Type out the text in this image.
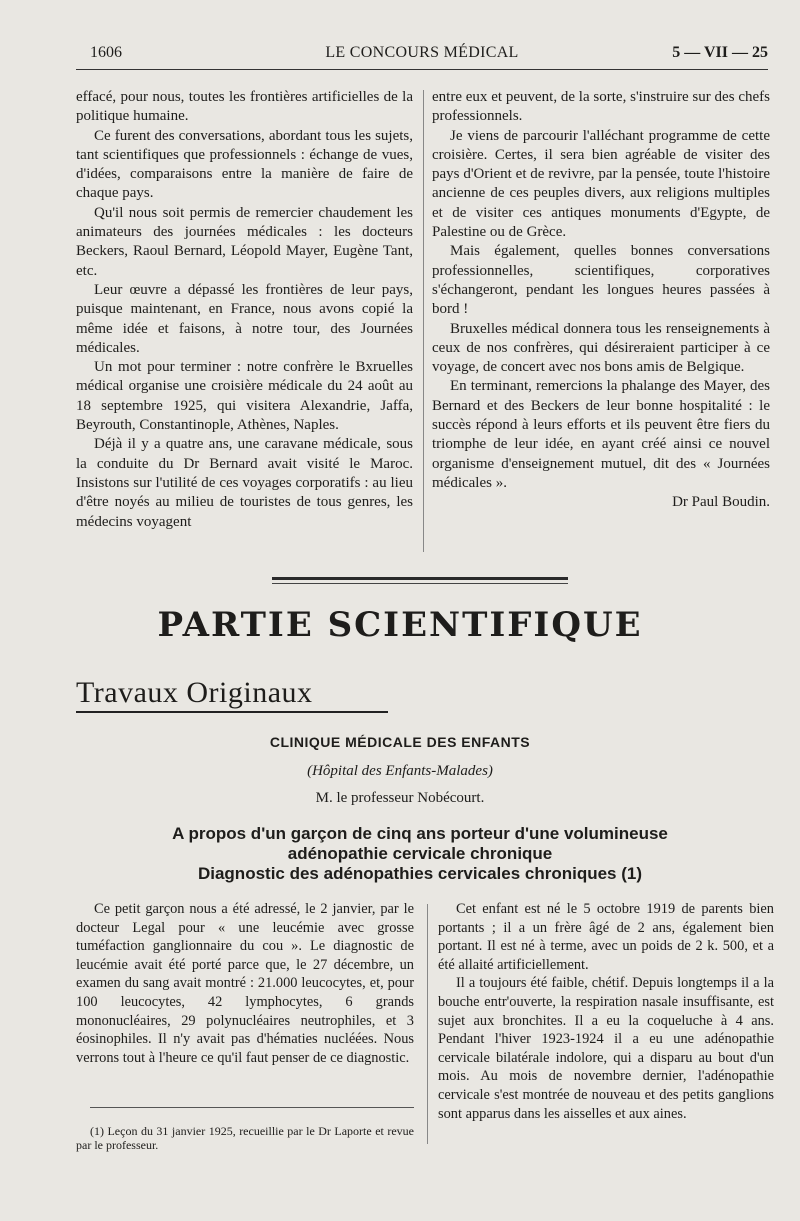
1606	LE CONCOURS MÉDICAL	5 — VII — 25

effacé, pour nous, toutes les frontières artificielles de la politique humaine.

Ce furent des conversations, abordant tous les sujets, tant scientifiques que professionnels : échange de vues, d'idées, comparaisons entre la manière de faire de chaque pays.

Qu'il nous soit permis de remercier chaudement les animateurs des journées médicales : les docteurs Beckers, Raoul Bernard, Léopold Mayer, Eugène Tant, etc.

Leur œuvre a dépassé les frontières de leur pays, puisque maintenant, en France, nous avons copié la même idée et faisons, à notre tour, des Journées médicales.

Un mot pour terminer : notre confrère le Bxruelles médical organise une croisière médicale du 24 août au 18 septembre 1925, qui visitera Alexandrie, Jaffa, Beyrouth, Constantinople, Athènes, Naples.

Déjà il y a quatre ans, une caravane médicale, sous la conduite du Dr Bernard avait visité le Maroc. Insistons sur l'utilité de ces voyages corporatifs : au lieu d'être noyés au milieu de touristes de tous genres, les médecins voyagent

entre eux et peuvent, de la sorte, s'instruire sur des chefs professionnels.

Je viens de parcourir l'alléchant programme de cette croisière. Certes, il sera bien agréable de visiter des pays d'Orient et de revivre, par la pensée, toute l'histoire ancienne de ces peuples divers, aux religions multiples et de visiter ces antiques monuments d'Egypte, de Palestine ou de Grèce.

Mais également, quelles bonnes conversations professionnelles, scientifiques, corporatives s'échangeront, pendant les longues heures passées à bord !

Bruxelles médical donnera tous les renseignements à ceux de nos confrères, qui désireraient participer à ce voyage, de concert avec nos bons amis de Belgique.

En terminant, remercions la phalange des Mayer, des Bernard et des Beckers de leur bonne hospitalité : le succès répond à leurs efforts et ils peuvent être fiers du triomphe de leur idée, en ayant créé ainsi ce nouvel organisme d'enseignement mutuel, dit des « Journées médicales ».

Dr Paul Boudin.

PARTIE SCIENTIFIQUE
Travaux Originaux
CLINIQUE MÉDICALE DES ENFANTS
(Hôpital des Enfants-Malades)
M. le professeur Nobécourt.
A propos d'un garçon de cinq ans porteur d'une volumineuse
adénopathie cervicale chronique
Diagnostic des adénopathies cervicales chroniques (1)

Ce petit garçon nous a été adressé, le 2 janvier, par le docteur Legal pour « une leucémie avec grosse tuméfaction ganglionnaire du cou ». Le diagnostic de leucémie avait été porté parce que, le 27 décembre, un examen du sang avait montré : 21.000 leucocytes, et, pour 100 leucocytes, 42 lymphocytes, 6 grands mononucléaires, 29 polynucléaires neutrophiles, et 3 éosinophiles. Il n'y avait pas d'hématies nucléées. Nous verrons tout à l'heure ce qu'il faut penser de ce diagnostic.

Cet enfant est né le 5 octobre 1919 de parents bien portants ; il a un frère âgé de 2 ans, également bien portant. Il est né à terme, avec un poids de 2 k. 500, et a été allaité artificiellement.

Il a toujours été faible, chétif. Depuis longtemps il a la bouche entr'ouverte, la respiration nasale insuffisante, est sujet aux bronchites. Il a eu la coqueluche à 4 ans. Pendant l'hiver 1923-1924 il a eu une adénopathie cervicale bilatérale indolore, qui a disparu au bout d'un mois. Au mois de novembre dernier, l'adénopathie cervicale s'est montrée de nouveau et des petits ganglions sont apparus dans les aisselles et aux aines.

(1) Leçon du 31 janvier 1925, recueillie par le Dr Laporte et revue par le professeur.
